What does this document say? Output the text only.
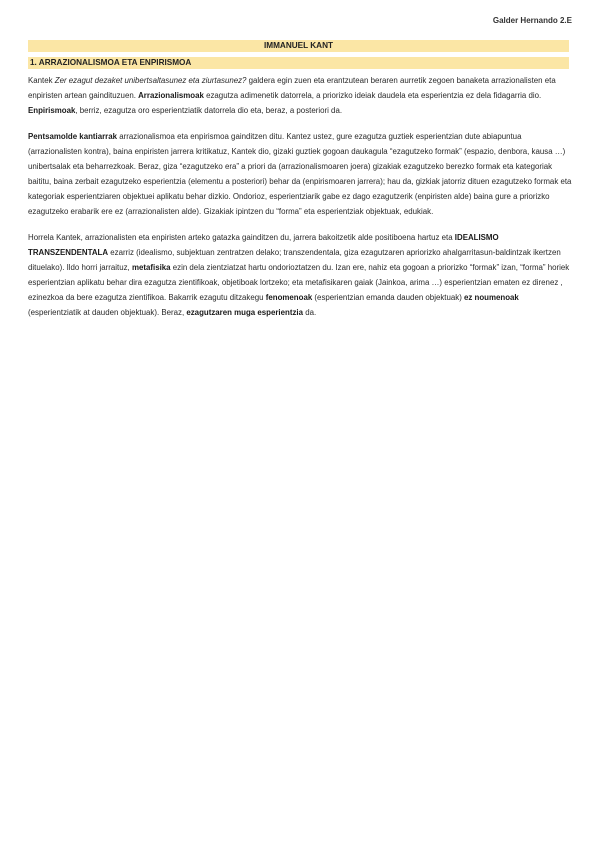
Galder Hernando 2.E
IMMANUEL KANT
1. ARRAZIONALISMOA ETA ENPIRISMOA

Kantek Zer ezagut dezaket unibertsaltasunez eta ziurtasunez? galdera egin zuen eta erantzutean beraren aurretik zegoen banaketa arrazionalisten eta enpiristen artean gaindituzuen. Arrazionalismoak ezagutza adimenetik datorrela, a priorizko ideiak daudela eta esperientzia ez dela fidagarria dio. Enpirismoak, berriz, ezagutza oro esperientziatik datorrela dio eta, beraz, a posteriori da.

Pentsamolde kantiarrak arrazionalismoa eta enpirismoa gainditzen ditu. Kantez ustez, gure ezagutza guztiek esperientzian dute abiapuntua (arrazionalisten kontra), baina enpiristen jarrera kritikatuz, Kantek dio, gizaki guztiek gogoan daukagula “ezagutzeko formak” (espazio, denbora, kausa …) unibertsalak eta beharrezkoak. Beraz, giza “ezagutzeko era” a priori da (arrazionalismoaren joera) gizakiak ezagutzeko berezko formak eta kategoriak baititu, baina zerbait ezagutzeko esperientzia (elementu a posteriori) behar da (enpirismoaren jarrera); hau da, gizkiak jatorriz dituen ezagutzeko formak eta kategoriak esperientziaren objektuei aplikatu behar dizkio. Ondorioz, esperientziarik gabe ez dago ezagutzerik (enpiristen alde) baina gure a priorizko ezagutzeko erabarik ere ez (arrazionalisten alde). Gizakiak ipintzen du “forma” eta esperientziak objektuak, edukiak.

Horrela Kantek, arrazionalisten eta enpiristen arteko gatazka gainditzen du, jarrera bakoitzetik alde positiboena hartuz eta IDEALISMO TRANSZENDENTALA ezarriz (idealismo, subjektuan zentratzen delako; transzendentala, giza ezagutzaren apriorizko ahalgarritasun-baldintzak ikertzen dituelako). Ildo horri jarraituz, metafisika ezin dela zientziatzat hartu ondorioztatzen du. Izan ere, nahiz eta gogoan a priorizko “formak” izan, “forma” horiek esperientzian aplikatu behar dira ezagutza zientifikoak, objetiboak lortzeko; eta metafisikaren gaiak (Jainkoa, arima …) esperientzian ematen ez direnez , ezinezkoa da bere ezagutza zientifikoa. Bakarrik ezagutu ditzakegu fenomenoak (esperientzian emanda dauden objektuak) ez noumenoak (esperientziatik at dauden objektuak). Beraz, ezagutzaren muga esperientzia da.
